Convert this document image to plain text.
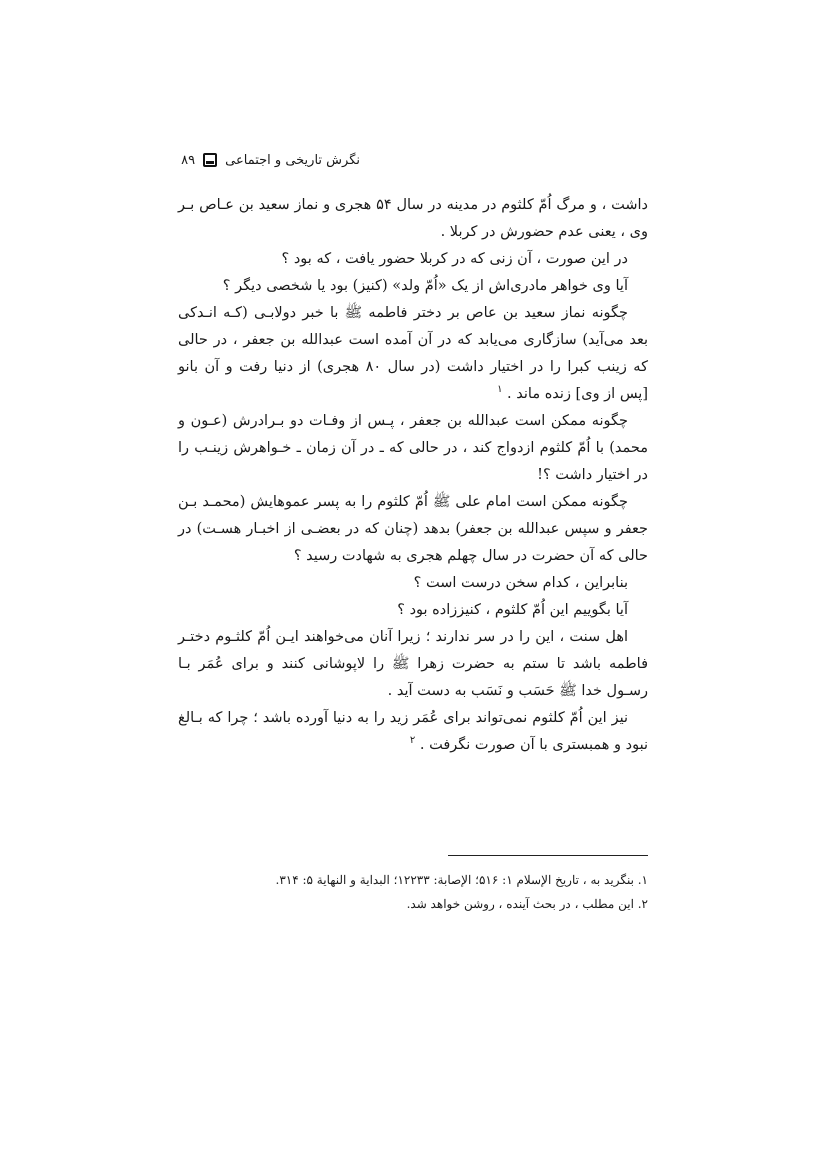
نگرش تاریخی و اجتماعی
۸۹

داشت ، و مرگ اُمّ کلثوم در مدینه در سال ۵۴ هجری و نماز سعید بن عـاص بـر وی ، یعنی عدم حضورش در کربلا .

در این صورت ، آن زنی که در کربلا حضور یافت ، که بود ؟

آیا وی خواهر مادری‌اش از یک «اُمّ ولد» (کنیز) بود یا شخصی دیگر ؟

چگونه نماز سعید بن عاص بر دختر فاطمه ﷺ با خبر دولابـی (کـه انـدکی بعد می‌آید) سازگاری می‌یابد که در آن آمده است عبدالله بن جعفر ، در حالی که زینب کبرا را در اختیار داشت (در سال ۸۰ هجری) از دنیا رفت و آن بانو [پس از وی] زنده ماند . $^۱$

چگونه ممکن است عبدالله بن جعفر ، پـس از وفـات دو بـرادرش (عـون و محمد) با اُمّ کلثوم ازدواج کند ، در حالی که ـ در آن زمان ـ خـواهرش زینـب را در اختیار داشت ؟!

چگونه ممکن است امام علی ﷺ اُمّ کلثوم را به پسر عموهایش (محمـد بـن جعفر و سپس عبدالله بن جعفر) بدهد (چنان که در بعضـی از اخبـار هسـت) در حالی که آن حضرت در سال چهلم هجری به شهادت رسید ؟

بنابراین ، کدام سخن درست است ؟

آیا بگوییم این اُمّ کلثوم ، کنیززاده بود ؟

اهل سنت ، این را در سر ندارند ؛ زیرا آنان می‌خواهند ایـن اُمّ کلثـوم دختـر فاطمه باشد تا ستم به حضرت زهرا ﷺ را لاپوشانی کنند و برای عُمَر بـا رسـول خدا ﷺ حَسَب و نَسَب به دست آید .

نیز این اُمّ کلثوم نمی‌تواند برای عُمَر زید را به دنیا آورده باشد ؛ چرا که بـالغ نبود و همبستری با آن صورت نگرفت . $^۲$

۱. بنگرید به ، تاریخ الإسلام ۱: ۵۱۶؛ الإصابة: ۱۲۲۳۳؛ البداية و النهاية ۵: ۳۱۴.

۲. این مطلب ، در بحث آینده ، روشن خواهد شد.
